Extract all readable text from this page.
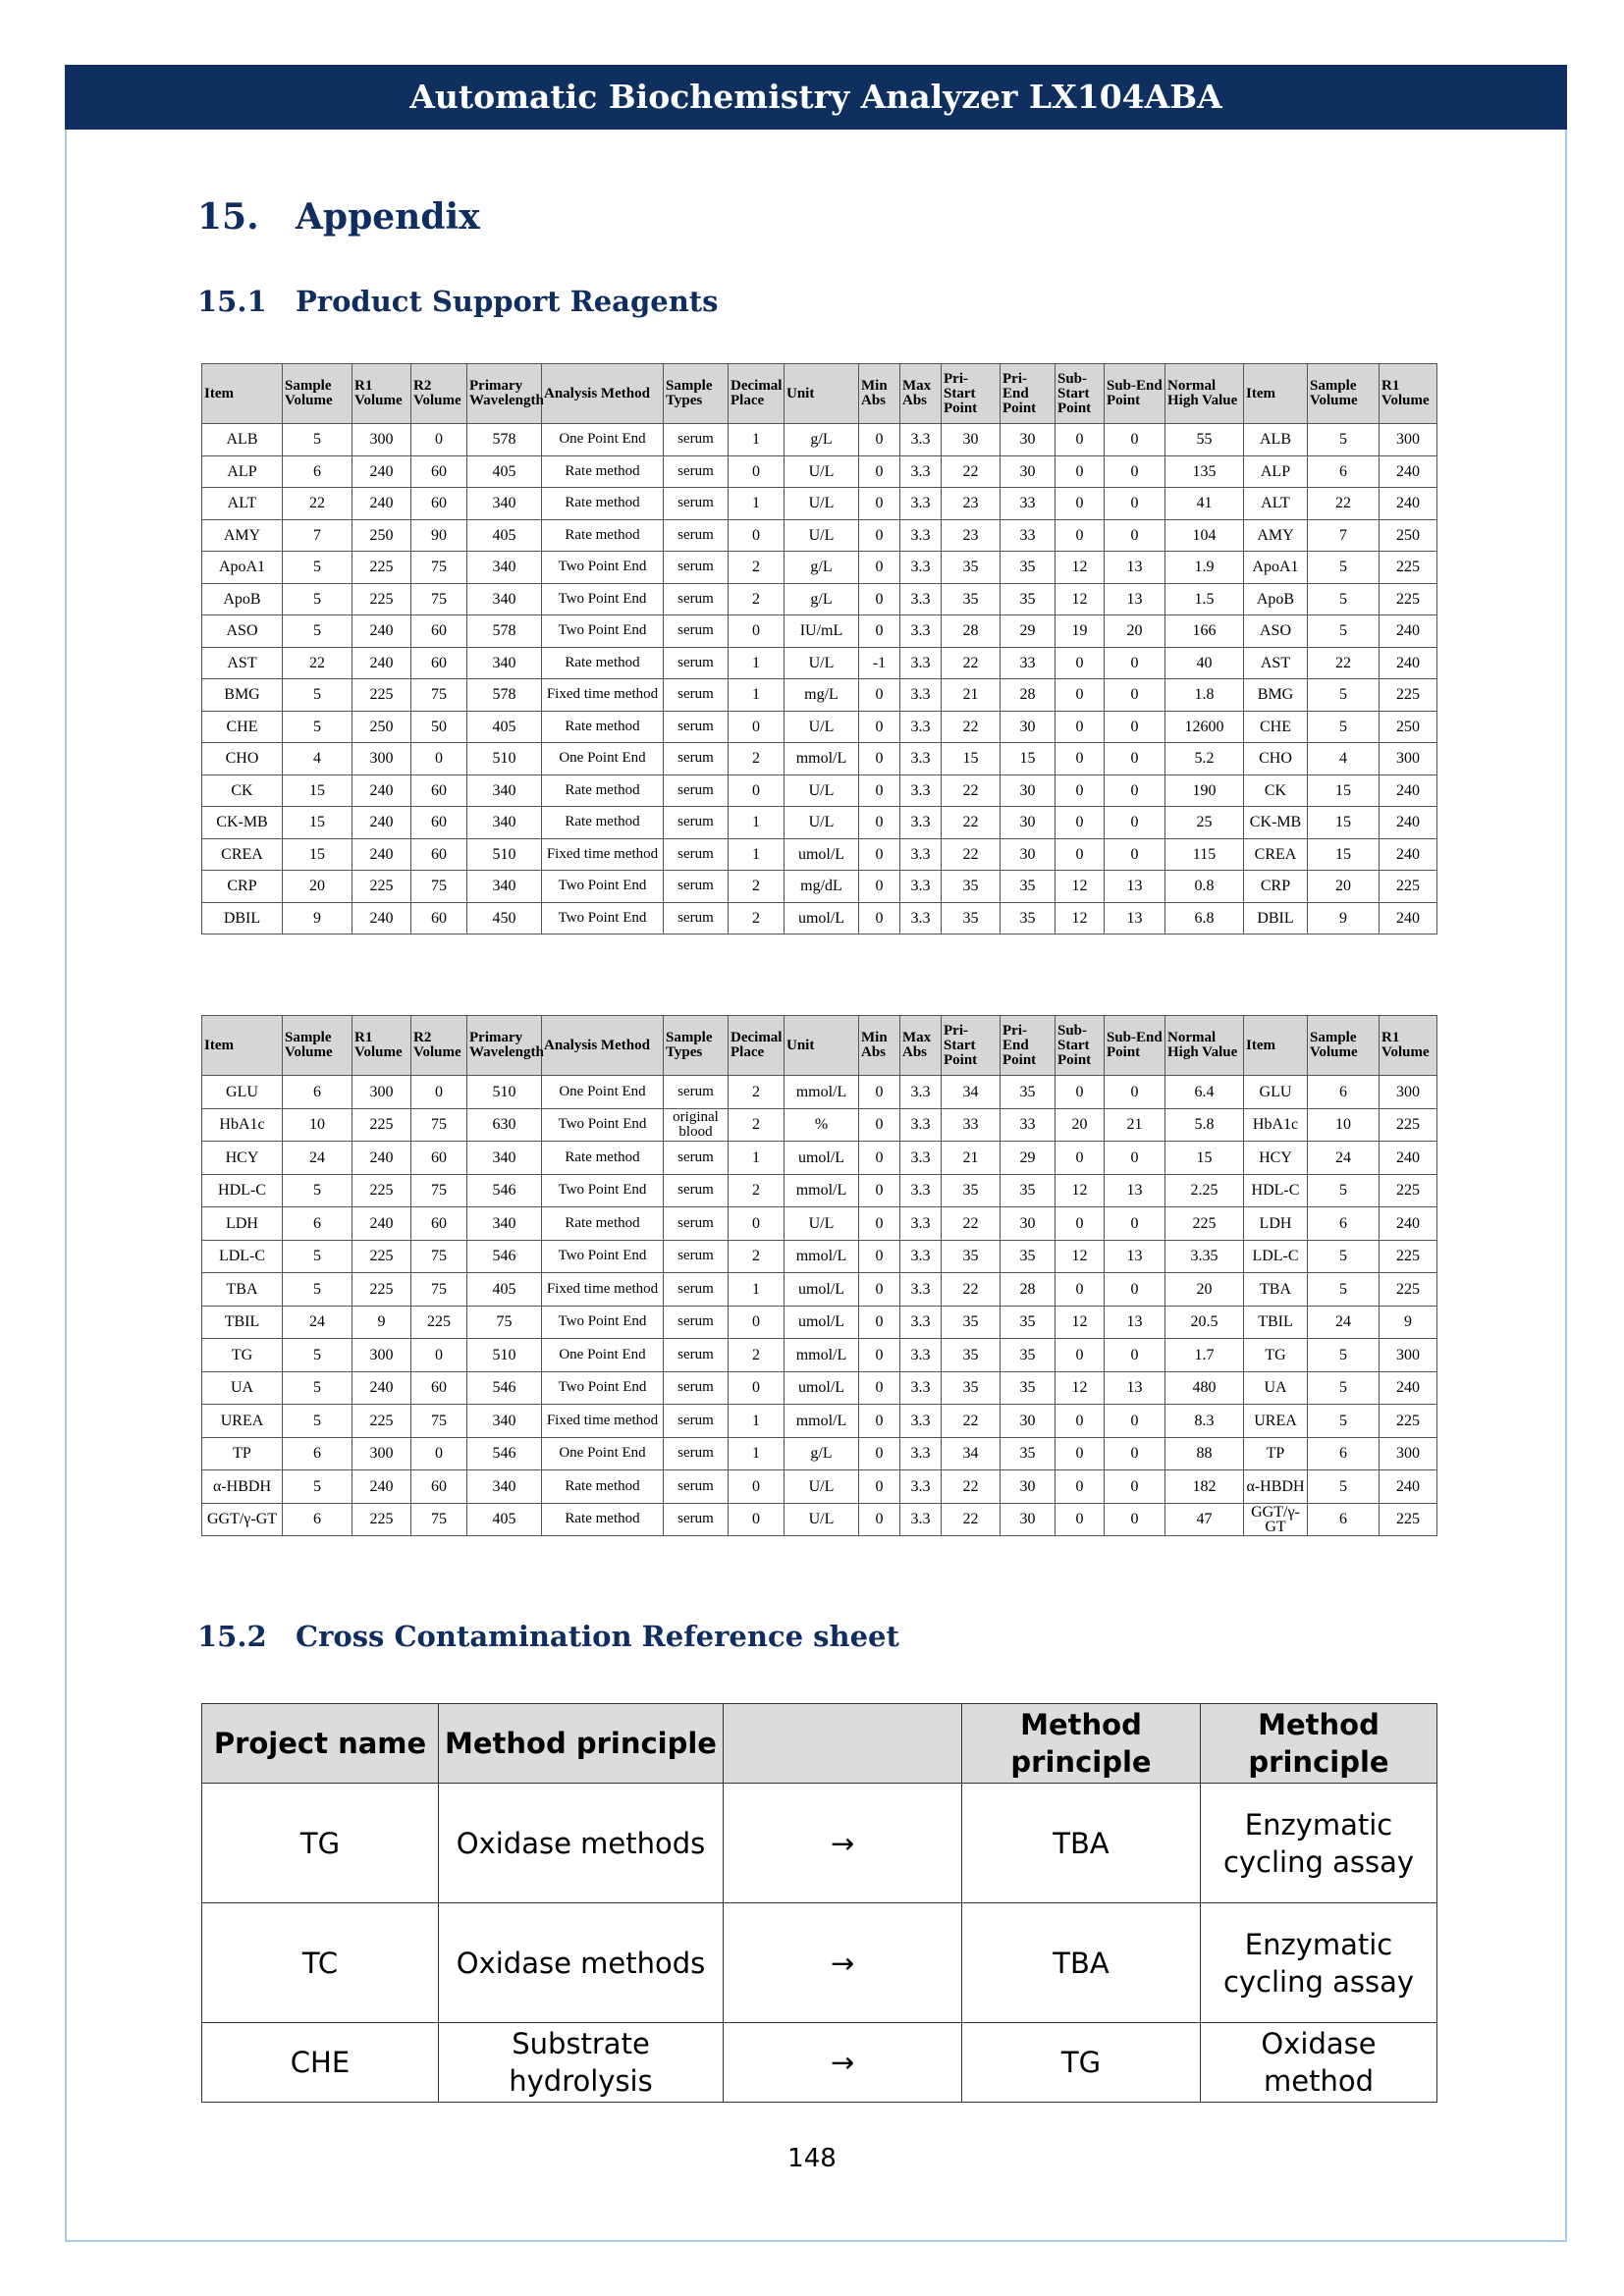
Automatic Biochemistry Analyzer LX104ABA
15. Appendix
15.1 Product Support Reagents
Item	Sample Volume	R1 Volume	R2 Volume	Primary Wavelength	Analysis Method	Sample Types	Decimal Place	Unit	Min Abs	Max Abs	Pri-Start Point	Pri-End Point	Sub-Start Point	Sub-End Point	Normal High Value	Item	Sample Volume	R1 Volume
ALB	5	300	0	578	One Point End	serum	1	g/L	0	3.3	30	30	0	0	55	ALB	5	300
ALP	6	240	60	405	Rate method	serum	0	U/L	0	3.3	22	30	0	0	135	ALP	6	240
ALT	22	240	60	340	Rate method	serum	1	U/L	0	3.3	23	33	0	0	41	ALT	22	240
AMY	7	250	90	405	Rate method	serum	0	U/L	0	3.3	23	33	0	0	104	AMY	7	250
ApoA1	5	225	75	340	Two Point End	serum	2	g/L	0	3.3	35	35	12	13	1.9	ApoA1	5	225
ApoB	5	225	75	340	Two Point End	serum	2	g/L	0	3.3	35	35	12	13	1.5	ApoB	5	225
ASO	5	240	60	578	Two Point End	serum	0	IU/mL	0	3.3	28	29	19	20	166	ASO	5	240
AST	22	240	60	340	Rate method	serum	1	U/L	-1	3.3	22	33	0	0	40	AST	22	240
BMG	5	225	75	578	Fixed time method	serum	1	mg/L	0	3.3	21	28	0	0	1.8	BMG	5	225
CHE	5	250	50	405	Rate method	serum	0	U/L	0	3.3	22	30	0	0	12600	CHE	5	250
CHO	4	300	0	510	One Point End	serum	2	mmol/L	0	3.3	15	15	0	0	5.2	CHO	4	300
CK	15	240	60	340	Rate method	serum	0	U/L	0	3.3	22	30	0	0	190	CK	15	240
CK-MB	15	240	60	340	Rate method	serum	1	U/L	0	3.3	22	30	0	0	25	CK-MB	15	240
CREA	15	240	60	510	Fixed time method	serum	1	umol/L	0	3.3	22	30	0	0	115	CREA	15	240
CRP	20	225	75	340	Two Point End	serum	2	mg/dL	0	3.3	35	35	12	13	0.8	CRP	20	225
DBIL	9	240	60	450	Two Point End	serum	2	umol/L	0	3.3	35	35	12	13	6.8	DBIL	9	240
Item	Sample Volume	R1 Volume	R2 Volume	Primary Wavelength	Analysis Method	Sample Types	Decimal Place	Unit	Min Abs	Max Abs	Pri-Start Point	Pri-End Point	Sub-Start Point	Sub-End Point	Normal High Value	Item	Sample Volume	R1 Volume
GLU	6	300	0	510	One Point End	serum	2	mmol/L	0	3.3	34	35	0	0	6.4	GLU	6	300
HbA1c	10	225	75	630	Two Point End	original blood	2	%	0	3.3	33	33	20	21	5.8	HbA1c	10	225
HCY	24	240	60	340	Rate method	serum	1	umol/L	0	3.3	21	29	0	0	15	HCY	24	240
HDL-C	5	225	75	546	Two Point End	serum	2	mmol/L	0	3.3	35	35	12	13	2.25	HDL-C	5	225
LDH	6	240	60	340	Rate method	serum	0	U/L	0	3.3	22	30	0	0	225	LDH	6	240
LDL-C	5	225	75	546	Two Point End	serum	2	mmol/L	0	3.3	35	35	12	13	3.35	LDL-C	5	225
TBA	5	225	75	405	Fixed time method	serum	1	umol/L	0	3.3	22	28	0	0	20	TBA	5	225
TBIL	24	9	225	75	Two Point End	serum	0	umol/L	0	3.3	35	35	12	13	20.5	TBIL	24	9
TG	5	300	0	510	One Point End	serum	2	mmol/L	0	3.3	35	35	0	0	1.7	TG	5	300
UA	5	240	60	546	Two Point End	serum	0	umol/L	0	3.3	35	35	12	13	480	UA	5	240
UREA	5	225	75	340	Fixed time method	serum	1	mmol/L	0	3.3	22	30	0	0	8.3	UREA	5	225
TP	6	300	0	546	One Point End	serum	1	g/L	0	3.3	34	35	0	0	88	TP	6	300
α-HBDH	5	240	60	340	Rate method	serum	0	U/L	0	3.3	22	30	0	0	182	α-HBDH	5	240
GGT/γ-GT	6	225	75	405	Rate method	serum	0	U/L	0	3.3	22	30	0	0	47	GGT/γ-GT	6	225
15.2 Cross Contamination Reference sheet
Project name	Method principle		Method principle	Method principle
TG	Oxidase methods	→	TBA	Enzymatic cycling assay
TC	Oxidase methods	→	TBA	Enzymatic cycling assay
CHE	Substrate hydrolysis	→	TG	Oxidase method
148
